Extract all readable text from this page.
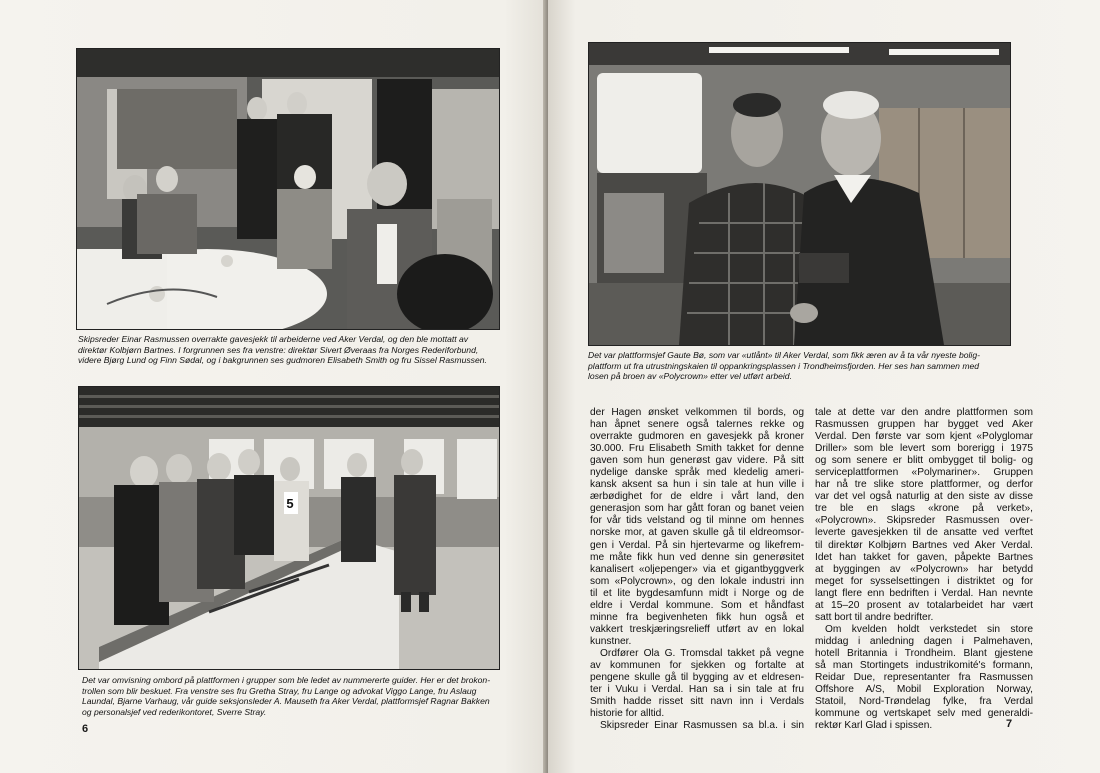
Skipsreder Einar Rasmussen overrakte gavesjekk til arbeiderne ved Aker Verdal, og den ble mottatt av
direktør Kolbjørn Bartnes. I forgrunnen ses fra venstre: direktør Sivert Øveraas fra Norges Rederiforbund,
videre Bjørg Lund og Finn Sødal, og i bakgrunnen ses gudmoren Elisabeth Smith og fru Sissel Rasmussen.

5

Det var omvisning ombord på plattformen i grupper som ble ledet av nummererte guider. Her er det brokon-
trollen som blir beskuet. Fra venstre ses fru Gretha Stray, fru Lange og advokat Viggo Lange, fru Aslaug
Laundal, Bjarne Varhaug, vår guide seksjonsleder A. Mauseth fra Aker Verdal, plattformsjef Ragnar Bakken
og personalsjef ved rederikontoret, Sverre Stray.

6

Det var plattformsjef Gaute Bø, som var «utlånt» til Aker Verdal, som fikk æren av å ta vår nyeste bolig-
plattform ut fra utrustningskaien til oppankringsplassen i Trondheimsfjorden. Her ses han sammen med
losen på broen av «Polycrown» etter vel utført arbeid.

der Hagen ønsket velkommen til bords, og
han åpnet senere også talernes rekke og
overrakte gudmoren en gavesjekk på kroner
30.000. Fru Elisabeth Smith takket for denne
gaven som hun generøst gav videre. På sitt
nydelige danske språk med kledelig ameri-
kansk aksent sa hun i sin tale at hun ville i
ærbødighet for de eldre i vårt land, den
generasjon som har gått foran og banet veien
for vår tids velstand og til minne om hennes
norske mor, at gaven skulle gå til eldreomsor-
gen i Verdal. På sin hjertevarme og likefrem-
me måte fikk hun ved denne sin generøsitet
kanalisert «oljepenger» via et gigantbyggverk
som «Polycrown», og den lokale industri inn
til et lite bygdesamfunn midt i Norge og de
eldre i Verdal kommune. Som et håndfast
minne fra begivenheten fikk hun også et
vakkert treskjæringsrelieff utført av en lokal
kunstner.

Ordfører Ola G. Tromsdal takket på vegne
av kommunen for sjekken og fortalte at
pengene skulle gå til bygging av et eldresen-
ter i Vuku i Verdal. Han sa i sin tale at fru
Smith hadde risset sitt navn inn i Verdals
historie for alltid.

Skipsreder Einar Rasmussen sa bl.a. i sin

tale at dette var den andre plattformen som
Rasmussen gruppen har bygget ved Aker
Verdal. Den første var som kjent «Polyglomar
Driller» som ble levert som borerigg i 1975
og som senere er blitt ombygget til bolig- og
serviceplattformen «Polymariner». Gruppen
har nå tre slike store plattformer, og derfor
var det vel også naturlig at den siste av disse
tre ble en slags «krone på verket»,
«Polycrown». Skipsreder Rasmussen over-
leverte gavesjekken til de ansatte ved verftet
til direktør Kolbjørn Bartnes ved Aker Verdal.
Idet han takket for gaven, påpekte Bartnes
at byggingen av «Polycrown» har betydd
meget for sysselsettingen i distriktet og for
langt flere enn bedriften i Verdal. Han nevnte
at 15–20 prosent av totalarbeidet har vært
satt bort til andre bedrifter.

Om kvelden holdt verkstedet sin store
middag i anledning dagen i Palmehaven,
hotell Britannia i Trondheim. Blant gjestene
så man Stortingets industrikomité's formann,
Reidar Due, representanter fra Rasmussen
Offshore A/S, Mobil Exploration Norway,
Statoil, Nord-Trøndelag fylke, fra Verdal
kommune og vertskapet selv med generaldi-
rektør Karl Glad i spissen.	7
